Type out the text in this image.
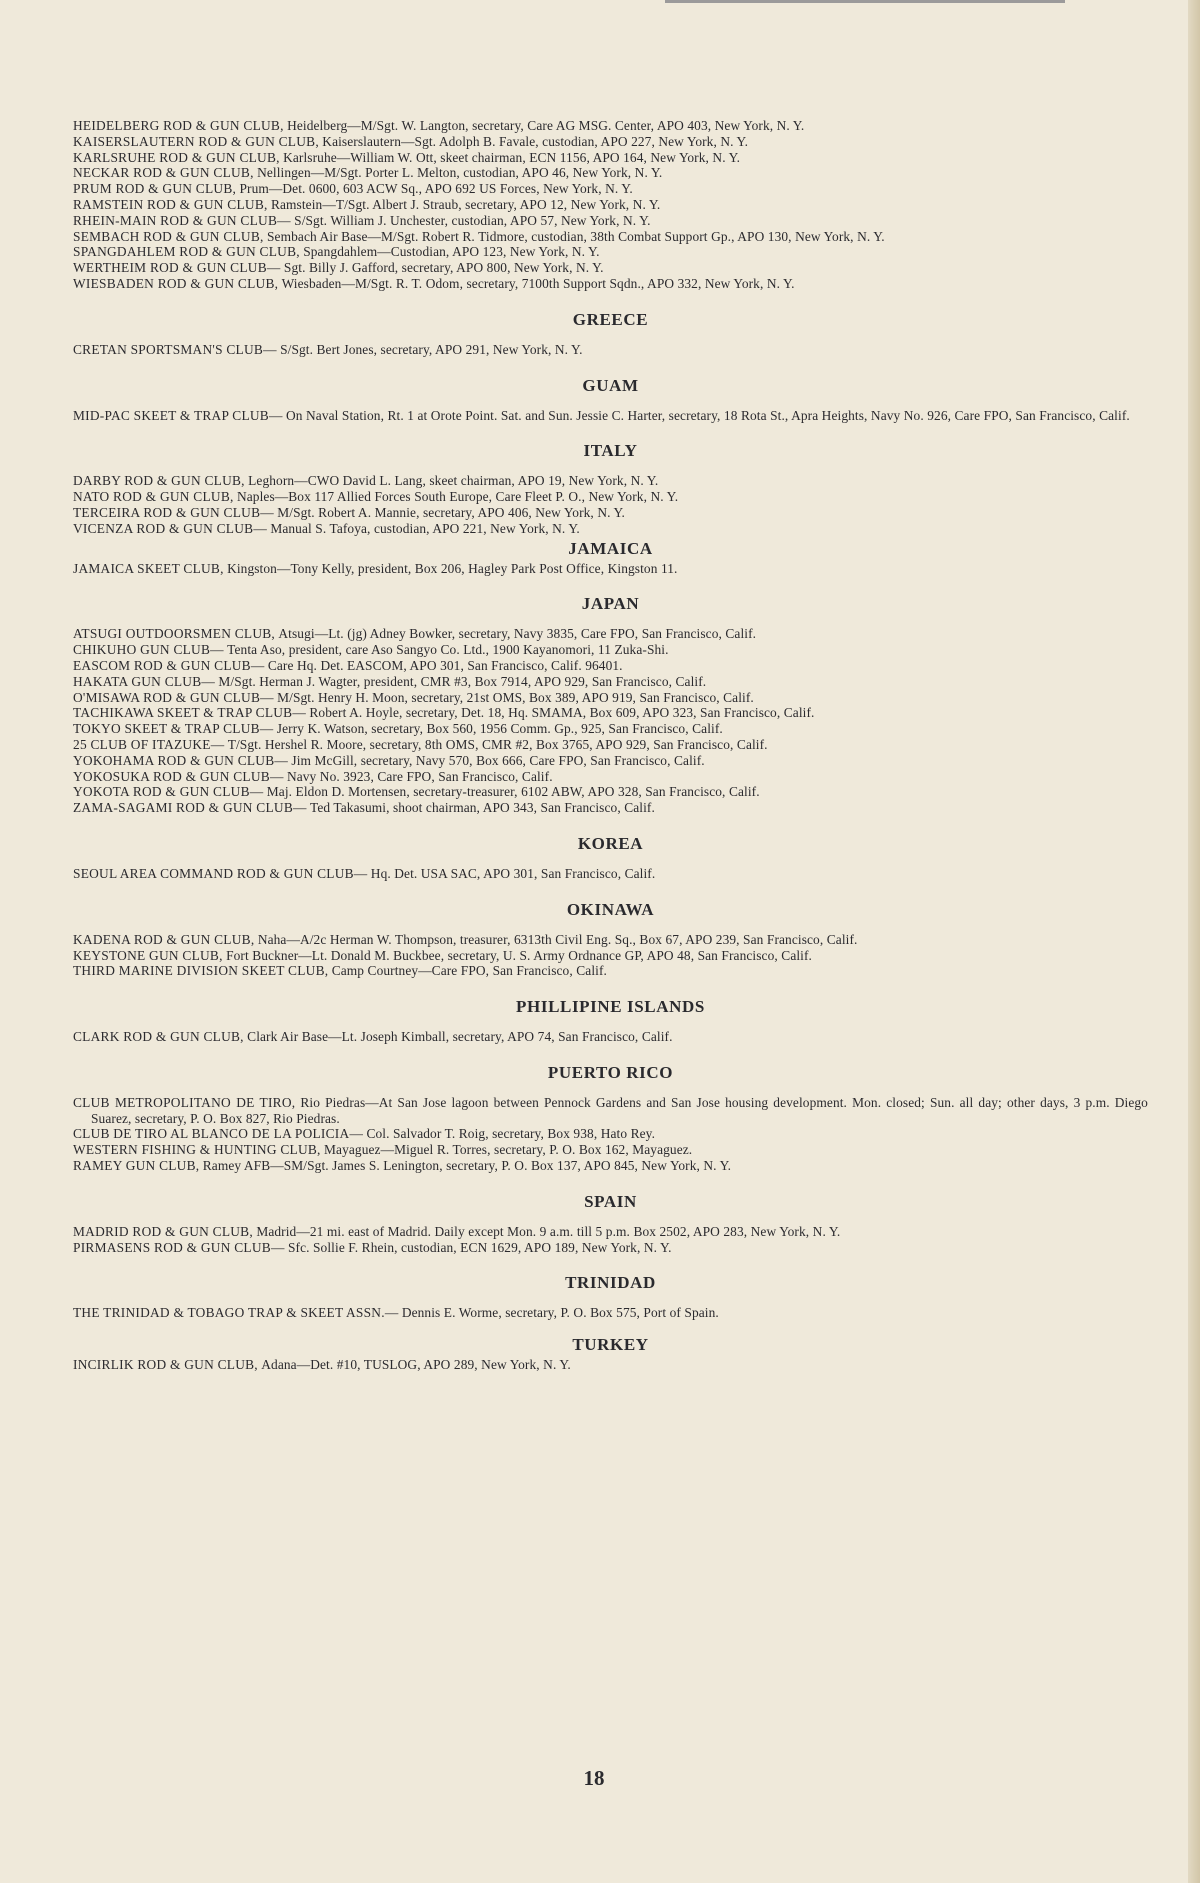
HEIDELBERG ROD & GUN CLUB, Heidelberg—M/Sgt. W. Langton, secretary, Care AG MSG. Center, APO 403, New York, N. Y.

KAISERSLAUTERN ROD & GUN CLUB, Kaiserslautern—Sgt. Adolph B. Favale, custodian, APO 227, New York, N. Y.

KARLSRUHE ROD & GUN CLUB, Karlsruhe—William W. Ott, skeet chairman, ECN 1156, APO 164, New York, N. Y.

NECKAR ROD & GUN CLUB, Nellingen—M/Sgt. Porter L. Melton, custodian, APO 46, New York, N. Y.

PRUM ROD & GUN CLUB, Prum—Det. 0600, 603 ACW Sq., APO 692 US Forces, New York, N. Y.

RAMSTEIN ROD & GUN CLUB, Ramstein—T/Sgt. Albert J. Straub, secretary, APO 12, New York, N. Y.

RHEIN-MAIN ROD & GUN CLUB— S/Sgt. William J. Unchester, custodian, APO 57, New York, N. Y.

SEMBACH ROD & GUN CLUB, Sembach Air Base—M/Sgt. Robert R. Tidmore, custodian, 38th Combat Support Gp., APO 130, New York, N. Y.

SPANGDAHLEM ROD & GUN CLUB, Spangdahlem—Custodian, APO 123, New York, N. Y.

WERTHEIM ROD & GUN CLUB— Sgt. Billy J. Gafford, secretary, APO 800, New York, N. Y.

WIESBADEN ROD & GUN CLUB, Wiesbaden—M/Sgt. R. T. Odom, secretary, 7100th Support Sqdn., APO 332, New York, N. Y.

GREECE

CRETAN SPORTSMAN'S CLUB— S/Sgt. Bert Jones, secretary, APO 291, New York, N. Y.

GUAM

MID-PAC SKEET & TRAP CLUB— On Naval Station, Rt. 1 at Orote Point. Sat. and Sun. Jessie C. Harter, secretary, 18 Rota St., Apra Heights, Navy No. 926, Care FPO, San Francisco, Calif.

ITALY

DARBY ROD & GUN CLUB, Leghorn—CWO David L. Lang, skeet chairman, APO 19, New York, N. Y.

NATO ROD & GUN CLUB, Naples—Box 117 Allied Forces South Europe, Care Fleet P. O., New York, N. Y.

TERCEIRA ROD & GUN CLUB— M/Sgt. Robert A. Mannie, secretary, APO 406, New York, N. Y.

VICENZA ROD & GUN CLUB— Manual S. Tafoya, custodian, APO 221, New York, N. Y.

JAMAICA

JAMAICA SKEET CLUB, Kingston—Tony Kelly, president, Box 206, Hagley Park Post Office, Kingston 11.

JAPAN

ATSUGI OUTDOORSMEN CLUB, Atsugi—Lt. (jg) Adney Bowker, secretary, Navy 3835, Care FPO, San Francisco, Calif.

CHIKUHO GUN CLUB— Tenta Aso, president, care Aso Sangyo Co. Ltd., 1900 Kayanomori, 11 Zuka-Shi.

EASCOM ROD & GUN CLUB— Care Hq. Det. EASCOM, APO 301, San Francisco, Calif. 96401.

HAKATA GUN CLUB— M/Sgt. Herman J. Wagter, president, CMR #3, Box 7914, APO 929, San Francisco, Calif.

O'MISAWA ROD & GUN CLUB— M/Sgt. Henry H. Moon, secretary, 21st OMS, Box 389, APO 919, San Francisco, Calif.

TACHIKAWA SKEET & TRAP CLUB— Robert A. Hoyle, secretary, Det. 18, Hq. SMAMA, Box 609, APO 323, San Francisco, Calif.

TOKYO SKEET & TRAP CLUB— Jerry K. Watson, secretary, Box 560, 1956 Comm. Gp., 925, San Francisco, Calif.

25 CLUB OF ITAZUKE— T/Sgt. Hershel R. Moore, secretary, 8th OMS, CMR #2, Box 3765, APO 929, San Francisco, Calif.

YOKOHAMA ROD & GUN CLUB— Jim McGill, secretary, Navy 570, Box 666, Care FPO, San Francisco, Calif.

YOKOSUKA ROD & GUN CLUB— Navy No. 3923, Care FPO, San Francisco, Calif.

YOKOTA ROD & GUN CLUB— Maj. Eldon D. Mortensen, secretary-treasurer, 6102 ABW, APO 328, San Francisco, Calif.

ZAMA-SAGAMI ROD & GUN CLUB— Ted Takasumi, shoot chairman, APO 343, San Francisco, Calif.

KOREA

SEOUL AREA COMMAND ROD & GUN CLUB— Hq. Det. USA SAC, APO 301, San Francisco, Calif.

OKINAWA

KADENA ROD & GUN CLUB, Naha—A/2c Herman W. Thompson, treasurer, 6313th Civil Eng. Sq., Box 67, APO 239, San Francisco, Calif.

KEYSTONE GUN CLUB, Fort Buckner—Lt. Donald M. Buckbee, secretary, U. S. Army Ordnance GP, APO 48, San Francisco, Calif.

THIRD MARINE DIVISION SKEET CLUB, Camp Courtney—Care FPO, San Francisco, Calif.

PHILLIPINE ISLANDS

CLARK ROD & GUN CLUB, Clark Air Base—Lt. Joseph Kimball, secretary, APO 74, San Francisco, Calif.

PUERTO RICO

CLUB METROPOLITANO DE TIRO, Rio Piedras—At San Jose lagoon between Pennock Gardens and San Jose housing development. Mon. closed; Sun. all day; other days, 3 p.m. Diego Suarez, secretary, P. O. Box 827, Rio Piedras.

CLUB DE TIRO AL BLANCO DE LA POLICIA— Col. Salvador T. Roig, secretary, Box 938, Hato Rey.

WESTERN FISHING & HUNTING CLUB, Mayaguez—Miguel R. Torres, secretary, P. O. Box 162, Mayaguez.

RAMEY GUN CLUB, Ramey AFB—SM/Sgt. James S. Lenington, secretary, P. O. Box 137, APO 845, New York, N. Y.

SPAIN

MADRID ROD & GUN CLUB, Madrid—21 mi. east of Madrid. Daily except Mon. 9 a.m. till 5 p.m. Box 2502, APO 283, New York, N. Y.

PIRMASENS ROD & GUN CLUB— Sfc. Sollie F. Rhein, custodian, ECN 1629, APO 189, New York, N. Y.

TRINIDAD

THE TRINIDAD & TOBAGO TRAP & SKEET ASSN.— Dennis E. Worme, secretary, P. O. Box 575, Port of Spain.

TURKEY

INCIRLIK ROD & GUN CLUB, Adana—Det. #10, TUSLOG, APO 289, New York, N. Y.

18
